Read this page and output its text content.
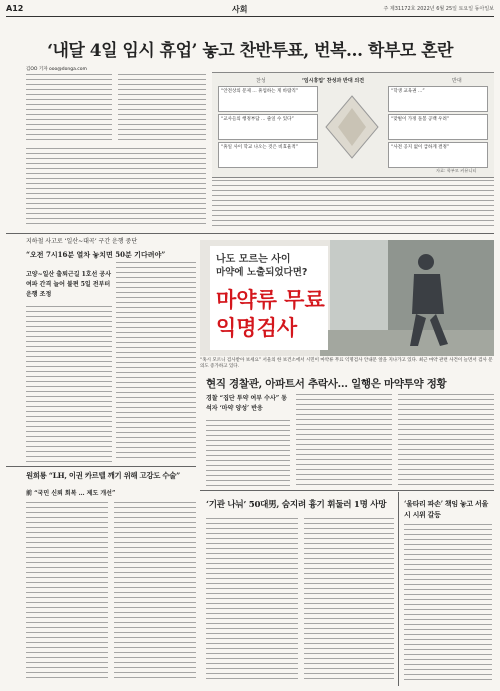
A12	사회	주 제31172호 2022년 6월 25일 토요일 동아일보
‘내달 4일 임시 휴업’ 놓고 찬반투표, 번복… 학부모 혼란
김OO 기자 ooo@donga.com
찬성	‘임시휴업’ 찬성과 반대 의견	반대
“안전상의 문제 … 휴업하는 게 바람직”
“교사들의 행정부담 … 줄일 수 있다”
“휴일 사이 학교 나오는 것은 비효율적”
“학생 교육권 …”
“맞벌이 가정 돌봄 공백 우려”
“사전 공지 없이 급하게 결정”
자료: 학부모 커뮤니티
지하철 사고로 ‘일산~대곡’ 구간 운행 중단
“오전 7시16분 열차 놓치면 50분 기다려야”
고양~일산 출퇴근길 1호선 공사 여파 간격 늘어 불편 5일 전부터 운행 조정
나도 모르는 사이
마약에 노출되었다면?
마약류 무료
익명검사
“혹시 모르니 검사받아 보세요” 서울의 한 보건소에서 시민이 마약류 무료 익명검사 안내문 앞을 지나가고 있다. 최근 마약 관련 사건이 늘면서 검사 문의도 증가하고 있다.
현직 경찰관, 아파트서 추락사… 일행은 마약투약 정황
경찰 “집단 투약 여부 수사” 동석자 ‘마약 양성’ 반응
원희룡 “LH, 이권 카르텔 깨기 위해 고강도 수술”
前 “국민 신뢰 회복 … 제도 개선”
‘기관 나눠’ 50대男, 숨지려 흉기 휘둘러 1명 사망	‘울타리 파손’ 책임 놓고 서울시 시위 갈등
